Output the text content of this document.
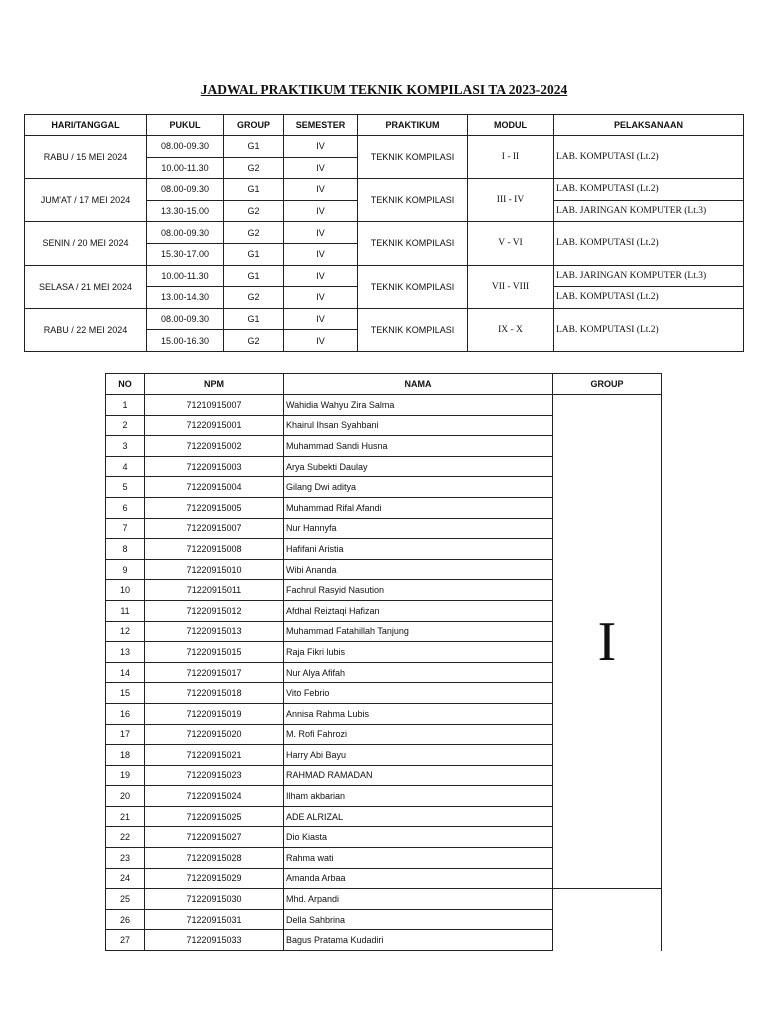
JADWAL PRAKTIKUM TEKNIK KOMPILASI TA 2023-2024
HARI/TANGGAL	PUKUL	GROUP	SEMESTER	PRAKTIKUM	MODUL	PELAKSANAAN
RABU / 15 MEI 2024	08.00-09.30	G1	IV	TEKNIK KOMPILASI	I - II	LAB. KOMPUTASI (Lt.2)
	10.00-11.30	G2	IV			
JUM'AT / 17 MEI 2024	08.00-09.30	G1	IV	TEKNIK KOMPILASI	III - IV	LAB. KOMPUTASI (Lt.2)
	13.30-15.00	G2	IV			LAB. JARINGAN KOMPUTER (Lt.3)
SENIN / 20 MEI 2024	08.00-09.30	G2	IV	TEKNIK KOMPILASI	V - VI	LAB. KOMPUTASI (Lt.2)
	15.30-17.00	G1	IV			
SELASA / 21 MEI 2024	10.00-11.30	G1	IV	TEKNIK KOMPILASI	VII - VIII	LAB. JARINGAN KOMPUTER (Lt.3)
	13.00-14.30	G2	IV			LAB. KOMPUTASI (Lt.2)
RABU / 22 MEI 2024	08.00-09.30	G1	IV	TEKNIK KOMPILASI	IX - X	LAB. KOMPUTASI (Lt.2)
	15.00-16.30	G2	IV			
NO	NPM	NAMA	GROUP
1	71210915007	Wahidia Wahyu Zira Salma	I
2	71220915001	Khairul Ihsan Syahbani	
3	71220915002	Muhammad Sandi Husna	
4	71220915003	Arya Subekti Daulay	
5	71220915004	Gilang Dwi aditya	
6	71220915005	Muhammad Rifal Afandi	
7	71220915007	Nur Hannyfa	
8	71220915008	Hafifani Aristia	
9	71220915010	Wibi Ananda	
10	71220915011	Fachrul Rasyid Nasution	
11	71220915012	Afdhal Reiztaqi Hafizan	
12	71220915013	Muhammad Fatahillah Tanjung	
13	71220915015	Raja Fikri lubis	
14	71220915017	Nur Alya Afifah	
15	71220915018	Vito Febrio	
16	71220915019	Annisa Rahma Lubis	
17	71220915020	M. Rofi Fahrozi	
18	71220915021	Harry Abi Bayu	
19	71220915023	RAHMAD RAMADAN	
20	71220915024	Ilham akbarian	
21	71220915025	ADE ALRIZAL	
22	71220915027	Dio Kiasta	
23	71220915028	Rahma wati	
24	71220915029	Amanda Arbaa	
25	71220915030	Mhd. Arpandi	
26	71220915031	Della Sahbrina	
27	71220915033	Bagus Pratama Kudadiri	
